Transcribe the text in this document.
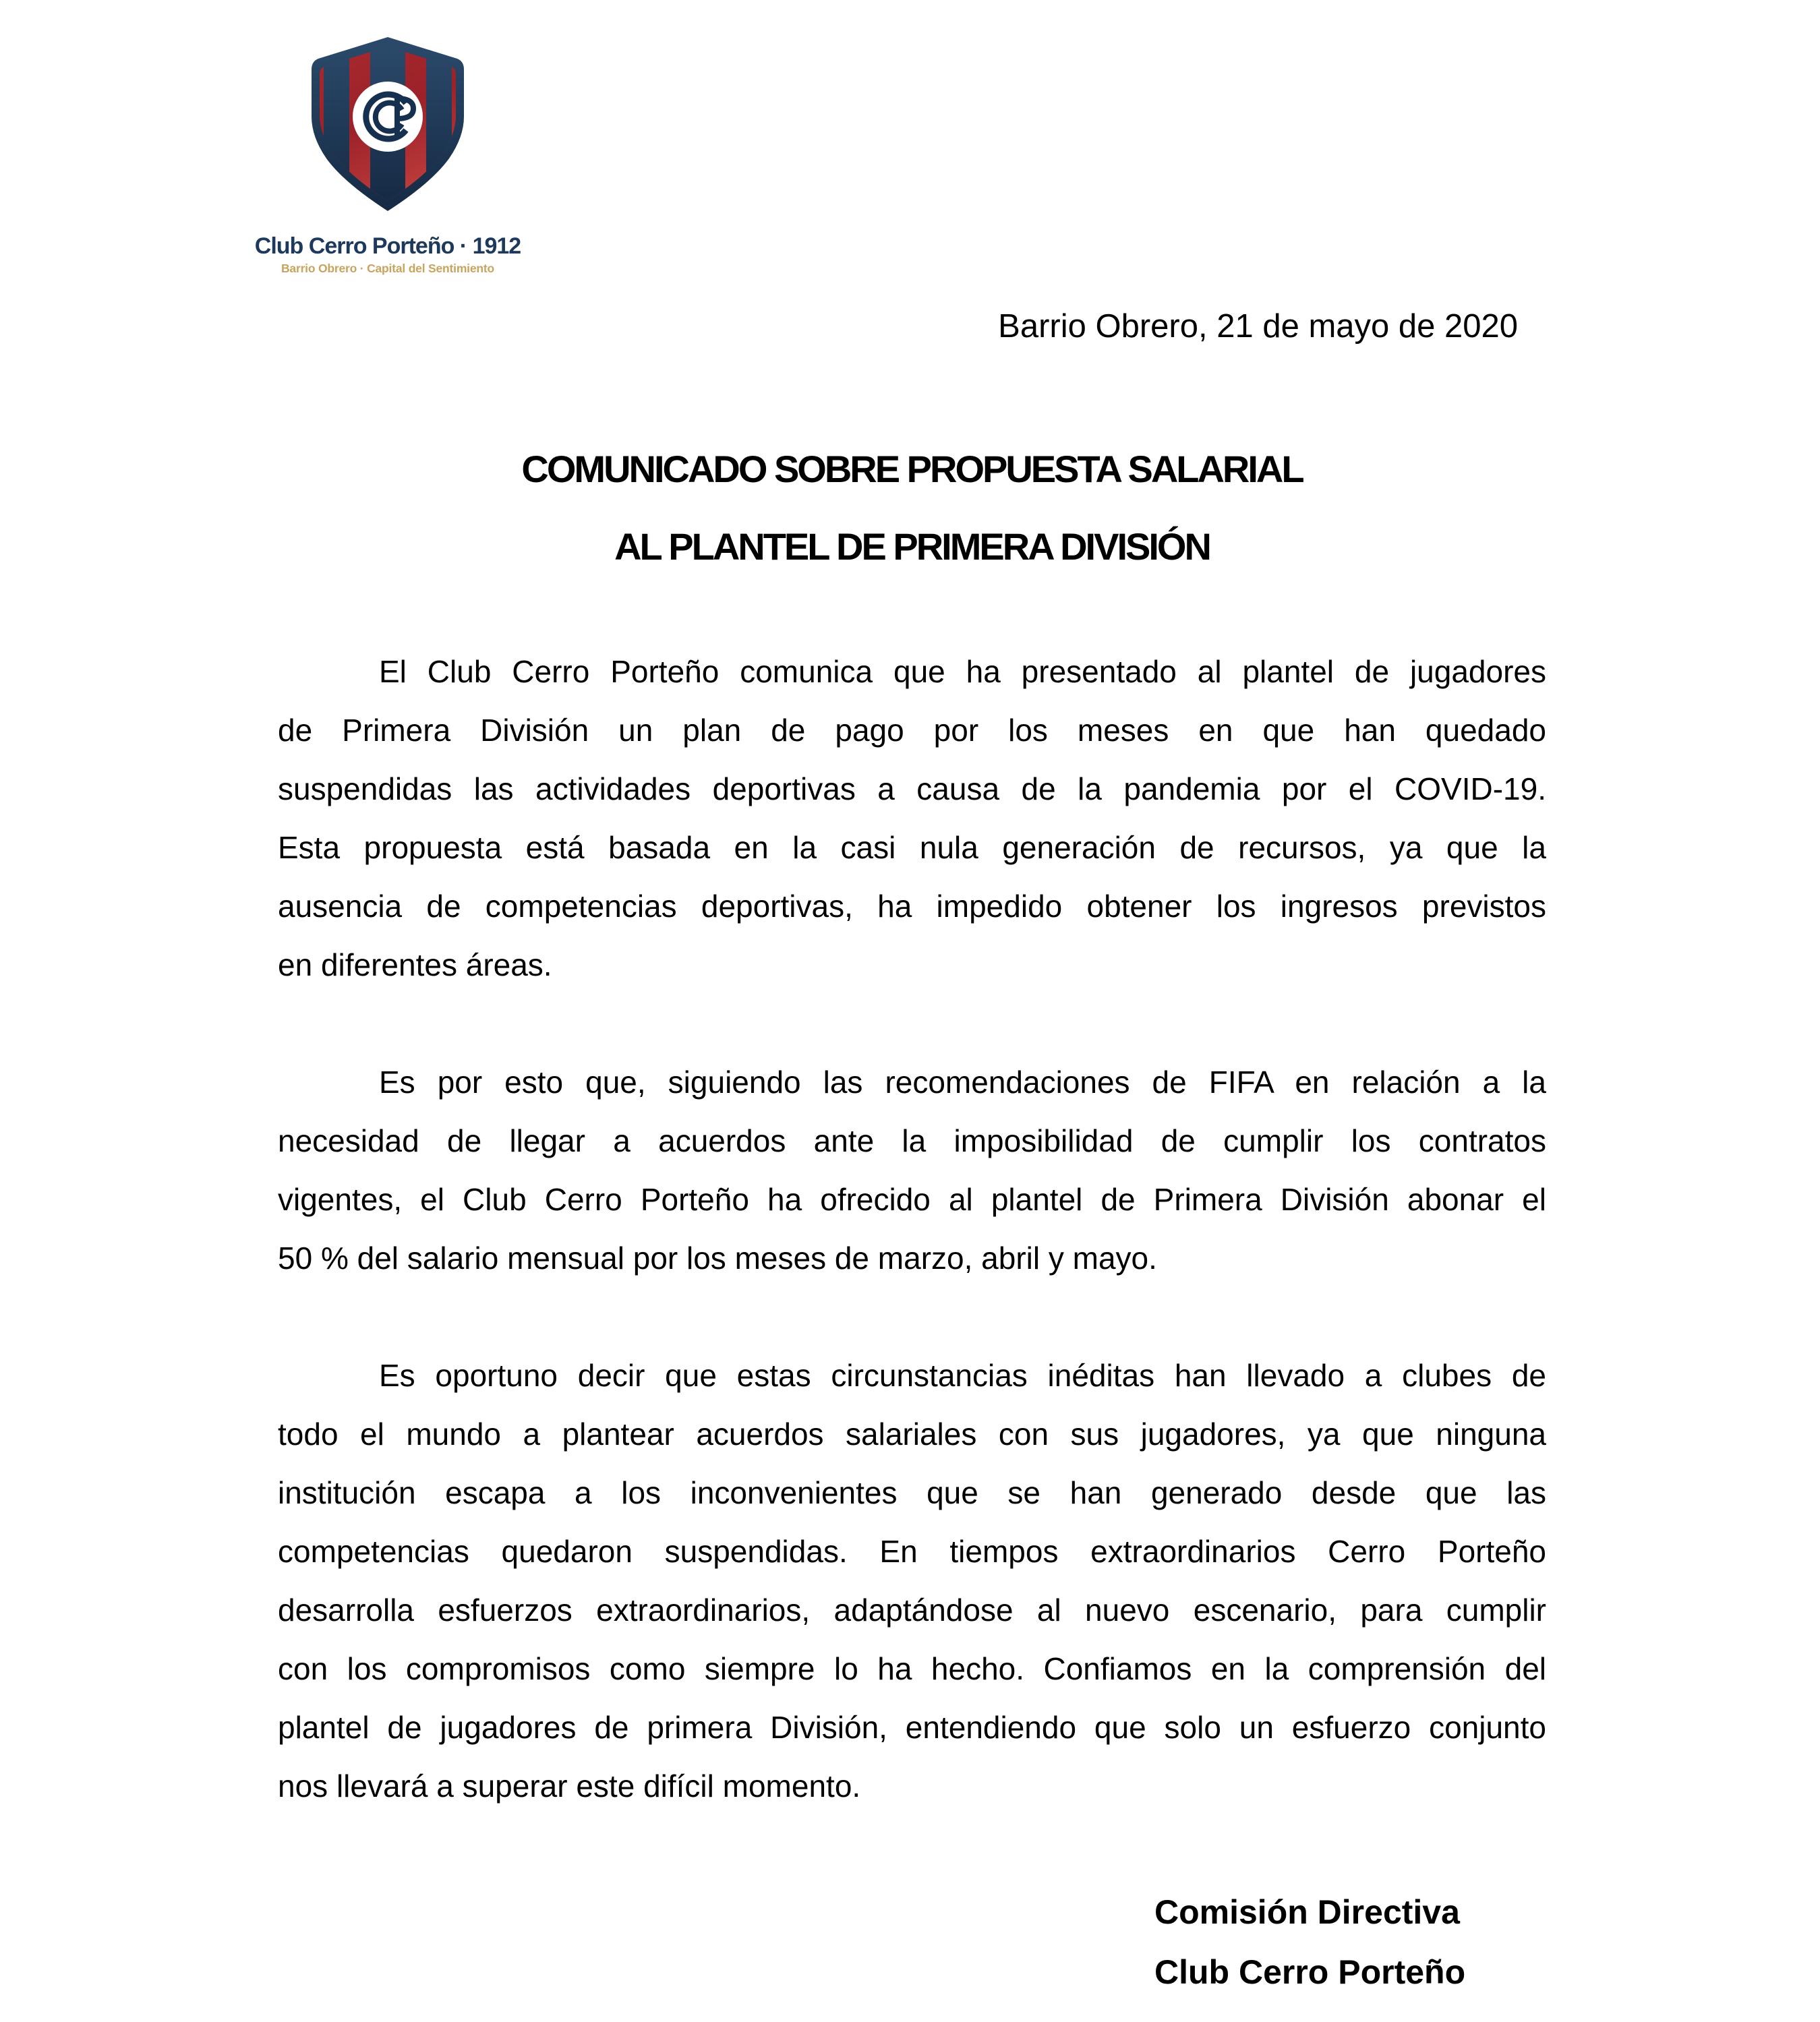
Club Cerro Porteño · 1912
Barrio Obrero · Capital del Sentimiento
Barrio Obrero, 21 de mayo de 2020
COMUNICADO SOBRE PROPUESTA SALARIAL
AL PLANTEL DE PRIMERA DIVISIÓN
El Club Cerro Porteño comunica que ha presentado al plantel de jugadores
de Primera División un plan de pago por los meses en que han quedado
suspendidas las actividades deportivas a causa de la pandemia por el COVID-19.
Esta propuesta está basada en la casi nula generación de recursos, ya que la
ausencia de competencias deportivas, ha impedido obtener los ingresos previstos
en diferentes áreas.
Es por esto que, siguiendo las recomendaciones de FIFA en relación a la
necesidad de llegar a acuerdos ante la imposibilidad de cumplir los contratos
vigentes, el Club Cerro Porteño ha ofrecido al plantel de Primera División abonar el
50 % del salario mensual por los meses de marzo, abril y mayo.
Es oportuno decir que estas circunstancias inéditas han llevado a clubes de
todo el mundo a plantear acuerdos salariales con sus jugadores, ya que ninguna
institución escapa a los inconvenientes que se han generado desde que las
competencias quedaron suspendidas. En tiempos extraordinarios Cerro Porteño
desarrolla esfuerzos extraordinarios, adaptándose al nuevo escenario, para cumplir
con los compromisos como siempre lo ha hecho. Confiamos en la comprensión del
plantel de jugadores de primera División, entendiendo que solo un esfuerzo conjunto
nos llevará a superar este difícil momento.
Comisión Directiva
Club Cerro Porteño
